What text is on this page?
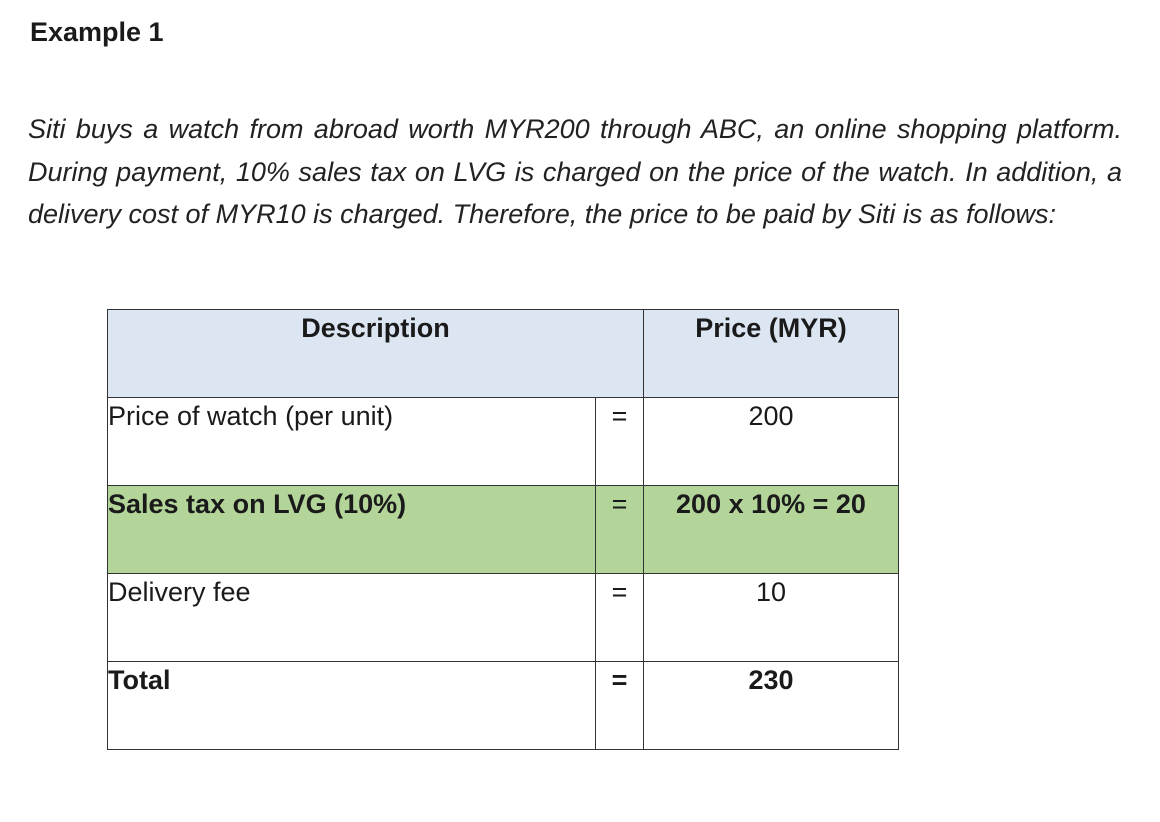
Example 1

Siti buys a watch from abroad worth MYR200 through ABC, an online shopping platform. During payment, 10% sales tax on LVG is charged on the price of the watch. In addition, a delivery cost of MYR10 is charged. Therefore, the price to be paid by Siti is as follows:

Description		Price (MYR)

Price of watch (per unit)	=	200
Sales tax on LVG (10%)	=	200 x 10% = 20
Delivery fee	=	10
Total	=	230
